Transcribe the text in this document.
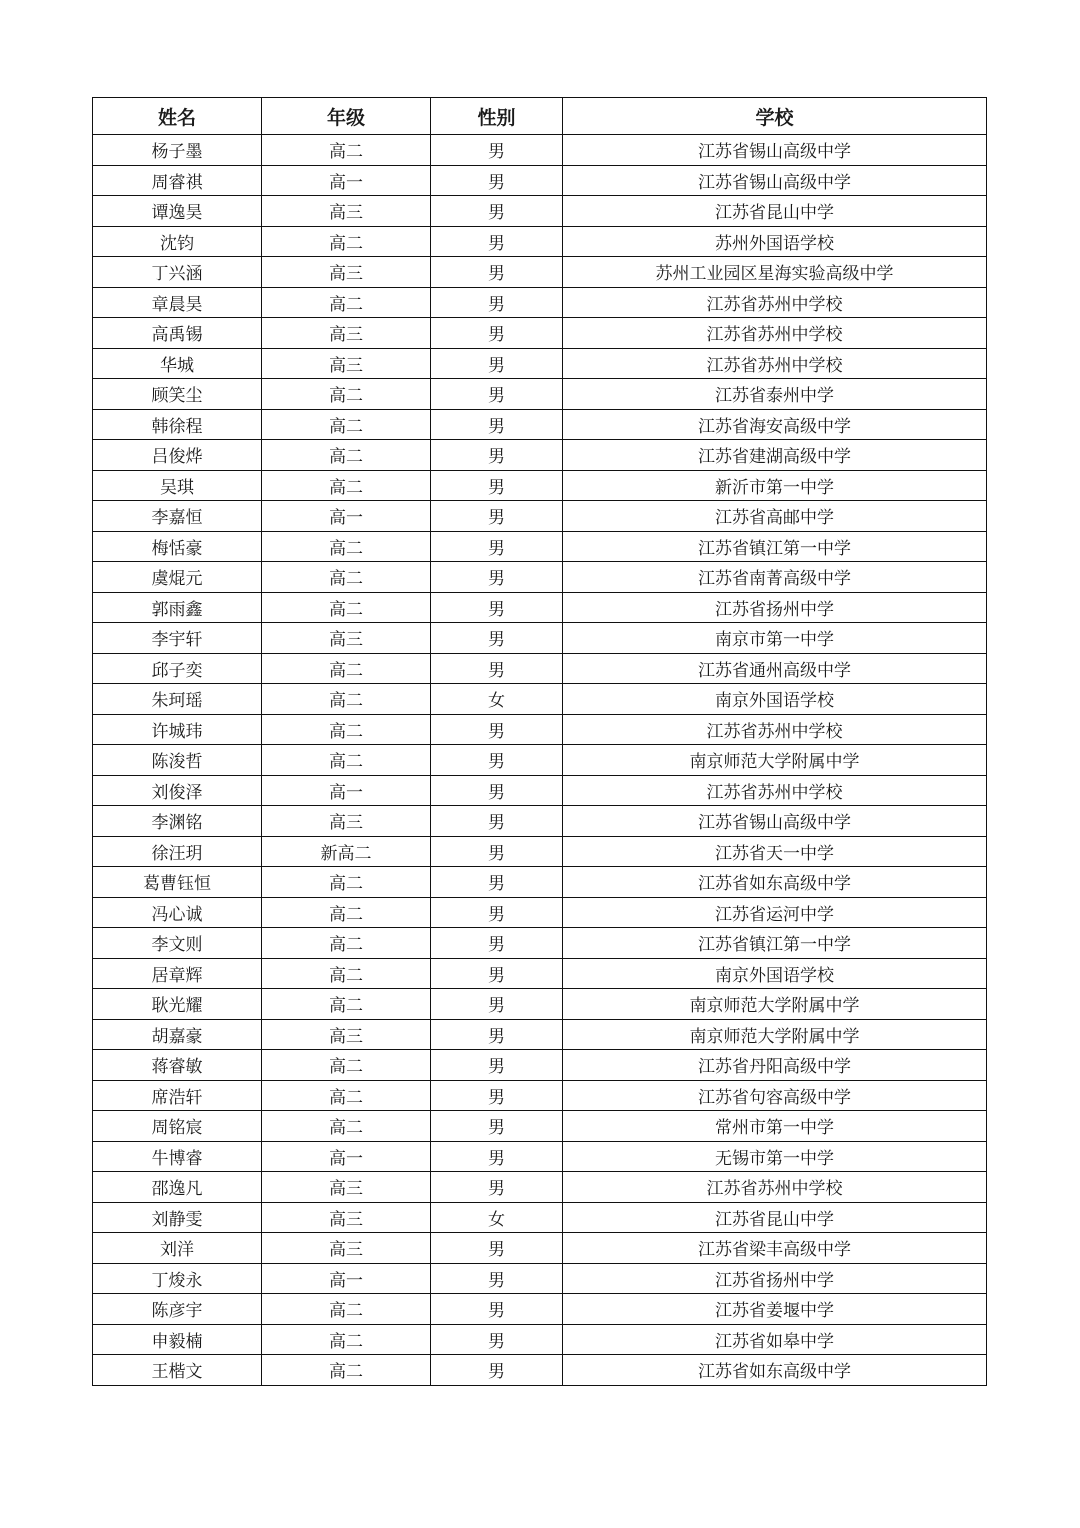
姓名	年级	性别	学校
杨子墨	高二	男	江苏省锡山高级中学
周睿祺	高一	男	江苏省锡山高级中学
谭逸昊	高三	男	江苏省昆山中学
沈钧	高二	男	苏州外国语学校
丁兴涵	高三	男	苏州工业园区星海实验高级中学
章晨昊	高二	男	江苏省苏州中学校
高禹锡	高三	男	江苏省苏州中学校
华城	高三	男	江苏省苏州中学校
顾笑尘	高二	男	江苏省泰州中学
韩徐程	高二	男	江苏省海安高级中学
吕俊烨	高二	男	江苏省建湖高级中学
吴琪	高二	男	新沂市第一中学
李嘉恒	高一	男	江苏省高邮中学
梅恬豪	高二	男	江苏省镇江第一中学
虞焜元	高二	男	江苏省南菁高级中学
郭雨鑫	高二	男	江苏省扬州中学
李宇轩	高三	男	南京市第一中学
邱子奕	高二	男	江苏省通州高级中学
朱珂瑶	高二	女	南京外国语学校
许城玮	高二	男	江苏省苏州中学校
陈浚哲	高二	男	南京师范大学附属中学
刘俊泽	高一	男	江苏省苏州中学校
李渊铭	高三	男	江苏省锡山高级中学
徐汪玥	新高二	男	江苏省天一中学
葛曹钰恒	高二	男	江苏省如东高级中学
冯心诚	高二	男	江苏省运河中学
李文则	高二	男	江苏省镇江第一中学
居章辉	高二	男	南京外国语学校
耿光耀	高二	男	南京师范大学附属中学
胡嘉豪	高三	男	南京师范大学附属中学
蒋睿敏	高二	男	江苏省丹阳高级中学
席浩轩	高二	男	江苏省句容高级中学
周铭宸	高二	男	常州市第一中学
牛博睿	高一	男	无锡市第一中学
邵逸凡	高三	男	江苏省苏州中学校
刘静雯	高三	女	江苏省昆山中学
刘洋	高三	男	江苏省梁丰高级中学
丁焌永	高一	男	江苏省扬州中学
陈彦宇	高二	男	江苏省姜堰中学
申毅楠	高二	男	江苏省如皋中学
王楷文	高二	男	江苏省如东高级中学
